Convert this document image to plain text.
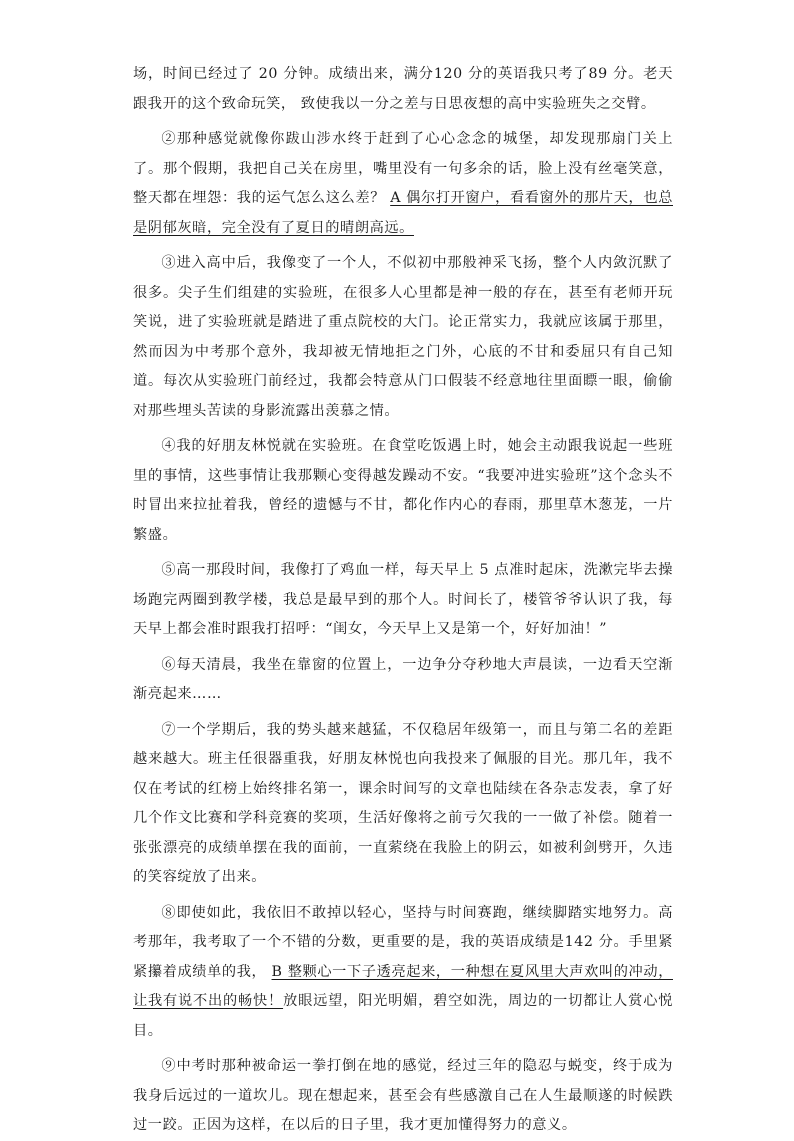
场，时间已经过了 20 分钟。成绩出来，满分120 分的英语我只考了89 分。老天跟我开的这个致命玩笑， 致使我以一分之差与日思夜想的高中实验班失之交臂。

②那种感觉就像你跋山涉水终于赶到了心心念念的城堡，却发现那扇门关上了。那个假期，我把自己关在房里，嘴里没有一句多余的话，脸上没有丝毫笑意，整天都在埋怨：我的运气怎么这么差？ A 偶尔打开窗户，看看窗外的那片天，也总是阴郁灰暗，完全没有了夏日的晴朗高远。

③进入高中后，我像变了一个人，不似初中那般神采飞扬，整个人内敛沉默了很多。尖子生们组建的实验班，在很多人心里都是神一般的存在，甚至有老师开玩笑说，进了实验班就是踏进了重点院校的大门。论正常实力，我就应该属于那里，然而因为中考那个意外，我却被无情地拒之门外，心底的不甘和委屈只有自己知道。每次从实验班门前经过，我都会特意从门口假装不经意地往里面瞟一眼，偷偷对那些埋头苦读的身影流露出羡慕之情。

④我的好朋友林悦就在实验班。在食堂吃饭遇上时，她会主动跟我说起一些班里的事情，这些事情让我那颗心变得越发躁动不安。“我要冲进实验班”这个念头不时冒出来拉扯着我，曾经的遗憾与不甘，都化作内心的春雨，那里草木葱茏，一片繁盛。

⑤高一那段时间，我像打了鸡血一样，每天早上 5 点准时起床，洗漱完毕去操场跑完两圈到教学楼，我总是最早到的那个人。时间长了，楼管爷爷认识了我，每天早上都会准时跟我打招呼：“闺女，今天早上又是第一个，好好加油！”

⑥每天清晨，我坐在靠窗的位置上，一边争分夺秒地大声晨读，一边看天空渐渐亮起来……

⑦一个学期后，我的势头越来越猛，不仅稳居年级第一，而且与第二名的差距越来越大。班主任很器重我，好朋友林悦也向我投来了佩服的目光。那几年，我不仅在考试的红榜上始终排名第一，课余时间写的文章也陆续在各杂志发表，拿了好几个作文比赛和学科竞赛的奖项，生活好像将之前亏欠我的一一做了补偿。随着一张张漂亮的成绩单摆在我的面前，一直萦绕在我脸上的阴云，如被利剑劈开，久违的笑容绽放了出来。

⑧即使如此，我依旧不敢掉以轻心，坚持与时间赛跑，继续脚踏实地努力。高考那年，我考取了一个不错的分数，更重要的是，我的英语成绩是142 分。手里紧紧攥着成绩单的我， B 整颗心一下子透亮起来，一种想在夏风里大声欢叫的冲动，让我有说不出的畅快！放眼远望，阳光明媚，碧空如洗，周边的一切都让人赏心悦目。

⑨中考时那种被命运一拳打倒在地的感觉，经过三年的隐忍与蜕变，终于成为我身后远过的一道坎儿。现在想起来，甚至会有些感激自己在人生最顺遂的时候跌过一跤。正因为这样，在以后的日子里，我才更加懂得努力的意义。
